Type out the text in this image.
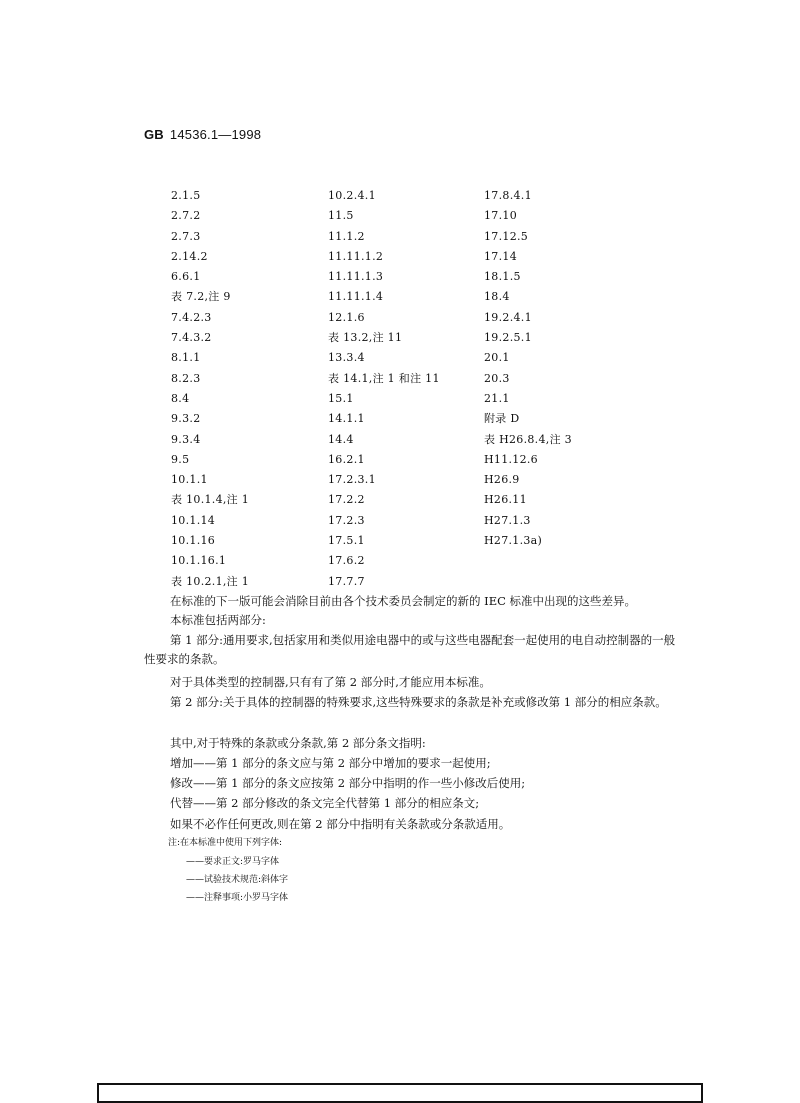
GB 14536.1—1998
2.1.5
2.7.2
2.7.3
2.14.2
6.6.1
表 7.2,注 9
7.4.2.3
7.4.3.2
8.1.1
8.2.3
8.4
9.3.2
9.3.4
9.5
10.1.1
表 10.1.4,注 1
10.1.14
10.1.16
10.1.16.1
表 10.2.1,注 1
10.2.4.1
11.5
11.1.2
11.11.1.2
11.11.1.3
11.11.1.4
12.1.6
表 13.2,注 11
13.3.4
表 14.1,注 1 和注 11
15.1
14.1.1
14.4
16.2.1
17.2.3.1
17.2.2
17.2.3
17.5.1
17.6.2
17.7.7
17.8.4.1
17.10
17.12.5
17.14
18.1.5
18.4
19.2.4.1
19.2.5.1
20.1
20.3
21.1
附录 D
表 H26.8.4,注 3
H11.12.6
H26.9
H26.11
H27.1.3
H27.1.3a)

在标准的下一版可能会消除目前由各个技术委员会制定的新的 IEC 标准中出现的这些差异。

本标准包括两部分:

第 1 部分:通用要求,包括家用和类似用途电器中的或与这些电器配套一起使用的电自动控制器的一般性要求的条款。

对于具体类型的控制器,只有有了第 2 部分时,才能应用本标准。

第 2 部分:关于具体的控制器的特殊要求,这些特殊要求的条款是补充或修改第 1 部分的相应条款。

其中,对于特殊的条款或分条款,第 2 部分条文指明:

增加——第 1 部分的条文应与第 2 部分中增加的要求一起使用;

修改——第 1 部分的条文应按第 2 部分中指明的作一些小修改后使用;

代替——第 2 部分修改的条文完全代替第 1 部分的相应条文;

如果不必作任何更改,则在第 2 部分中指明有关条款或分条款适用。

注:在本标准中使用下列字体:
——要求正文:罗马字体
——试验技术规范:斜体字
——注释事项:小罗马字体
